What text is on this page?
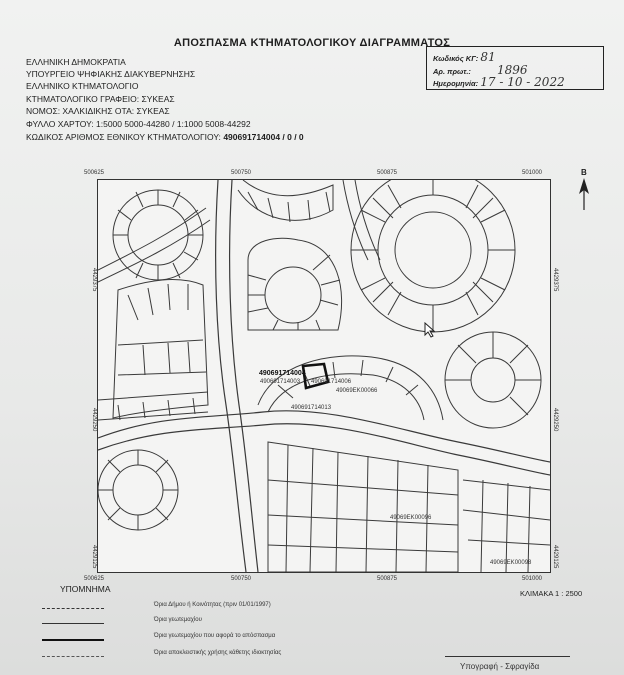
ΑΠΟΣΠΑΣΜΑ ΚΤΗΜΑΤΟΛΟΓΙΚΟΥ ΔΙΑΓΡΑΜΜΑΤΟΣ
ΕΛΛΗΝΙΚΗ ΔΗΜΟΚΡΑΤΙΑ
ΥΠΟΥΡΓΕΙΟ ΨΗΦΙΑΚΗΣ ΔΙΑΚΥΒΕΡΝΗΣΗΣ
ΕΛΛΗΝΙΚΟ ΚΤΗΜΑΤΟΛΟΓΙΟ
ΚΤΗΜΑΤΟΛΟΓΙΚΟ ΓΡΑΦΕΙΟ: ΣΥΚΕΑΣ
ΝΟΜΟΣ: ΧΑΛΚΙΔΙΚΗΣ ΟΤΑ: ΣΥΚΕΑΣ
ΦΥΛΛΟ ΧΑΡΤΟΥ: 1:5000 5000-44280 / 1:1000 5008-44292
ΚΩΔΙΚΟΣ ΑΡΙΘΜΟΣ ΕΘΝΙΚΟΥ ΚΤΗΜΑΤΟΛΟΓΙΟΥ: 490691714004 / 0 / 0
Κωδικός ΚΓ: 81
Αρ. πρωτ.: 1896
Ημερομηνία: 17 - 10 - 2022
500625	500750	500875	501000
500625	500750	500875	501000
4429375
4429250
4429125
4429375
4429250
4429125
B
490691714004
490691714003 490691714006
49069EK00066
490691714013
49069EK00096
49069EK00098
ΥΠΟΜΝΗΜΑ	ΚΛΙΜΑΚΑ 1 : 2500
Όρια Δήμου ή Κοινότητας (πριν 01/01/1997)
Όρια γεωτεμαχίου
Όρια γεωτεμαχίου που αφορά το απόσπασμα
Όρια αποκλειστικής χρήσης κάθετης ιδιοκτησίας
Υπογραφή - Σφραγίδα
